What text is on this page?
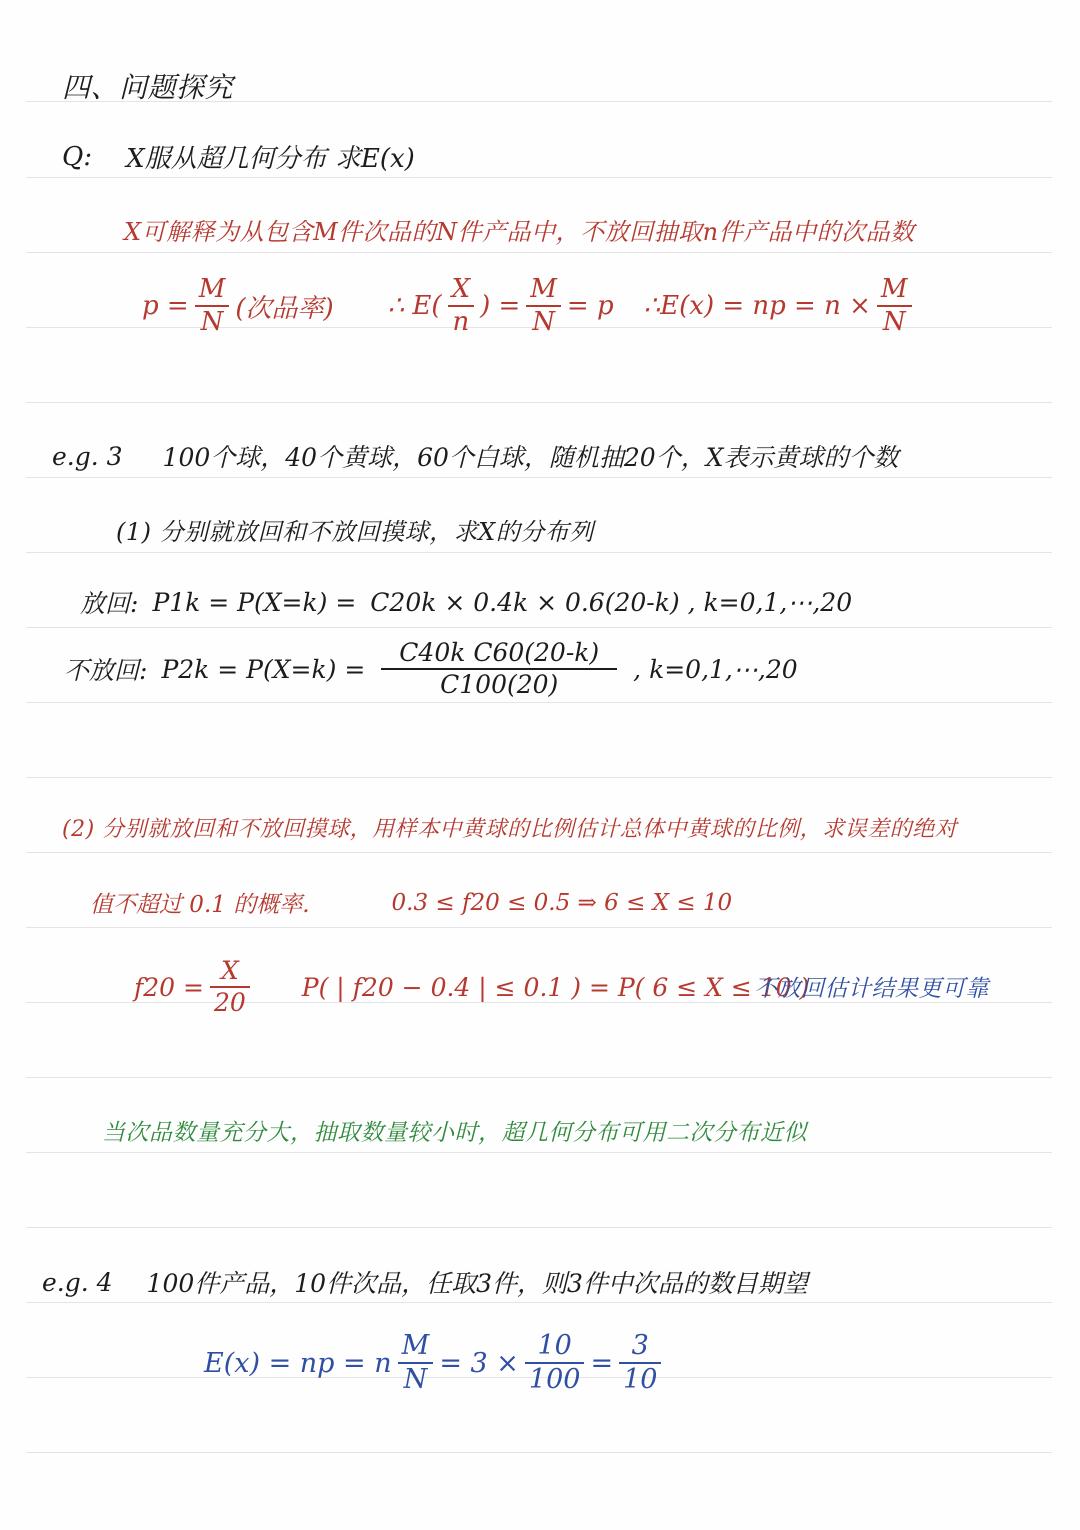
四、问题探究
Q: X服从超几何分布 求E(x)
X可解释为从包含M件次品的N件产品中，不放回抽取n件产品中的次品数
$p = \frac{M}{N}$ (次品率) ∴ $E( \frac{X}{n}$ ) = $\frac{M}{N} = p$ ∴E(x) = np = $n \times \frac{M}{N}$
e.g. 3 100个球，40个黄球，60个白球，随机抽20个，X表示黄球的个数
(1) 分别就放回和不放回摸球，求X的分布列
放回: P1k = P(X=k) = C20k × 0.4k × 0.6(20-k) , k=0,1,⋯,20
不放回: $P2k = P(X=k) = \frac{\text{C40k C60(20-k)}}{C100(20)}$ , k=0,1,⋯,20
(2) 分别就放回和不放回摸球，用样本中黄球的比例估计总体中黄球的比例，求误差的绝对
值不超过 0.1 的概率.	0.3 ≤ f20 ≤ 0.5 ⇒ 6 ≤ X ≤ 10
$f20 = \frac{X}{20} P$( | f20 − 0.4 | ≤ 0.1 ) = P( 6 ≤ X ≤ 10 )
不放回估计结果更可靠
当次品数量充分大，抽取数量较小时，超几何分布可用二次分布近似
e.g. 4 100件产品，10件次品，任取3件，则3件中次品的数目期望
E(x) = np = n $\frac{M}{N} = 3 \times \frac{10}{100} = \frac{3}{10}$
